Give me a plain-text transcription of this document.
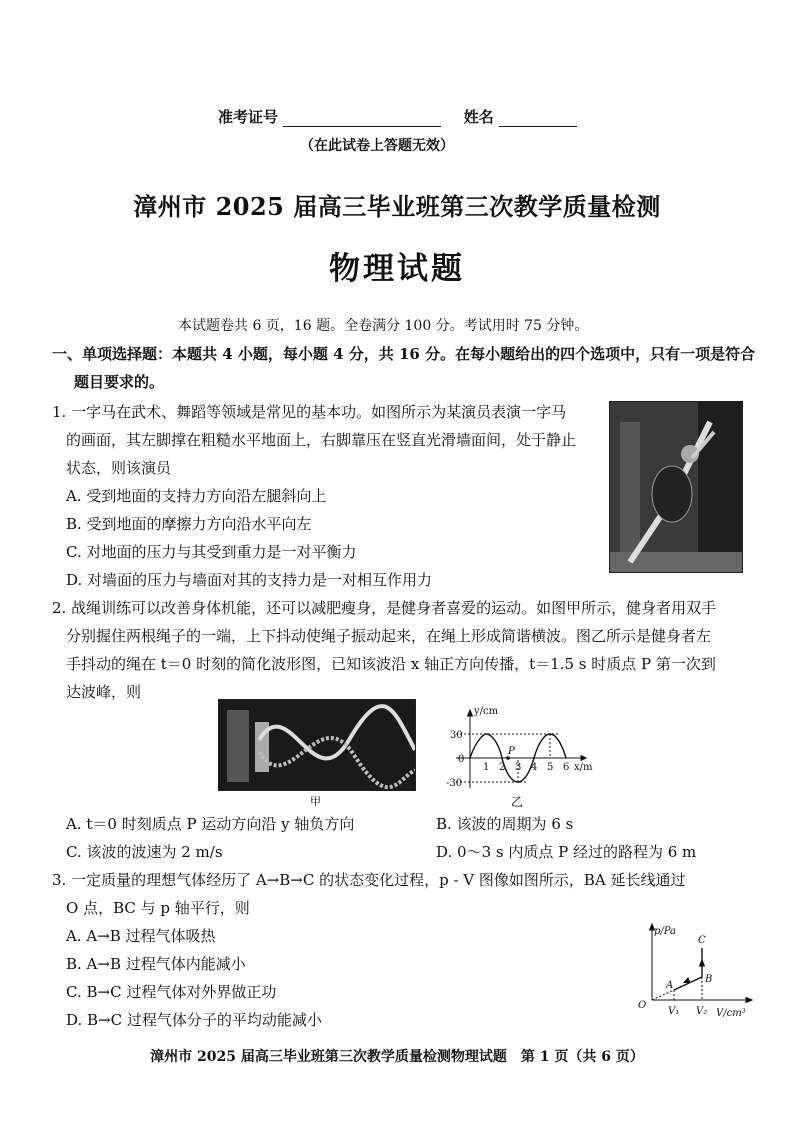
准考证号	姓名
（在此试卷上答题无效）
漳州市 2025 届高三毕业班第三次教学质量检测
物理试题
本试题卷共 6 页，16 题。全卷满分 100 分。考试用时 75 分钟。
一、单项选择题：本题共 4 小题，每小题 4 分，共 16 分。在每小题给出的四个选项中，只有一项是符合
题目要求的。
1. 一字马在武术、舞蹈等领域是常见的基本功。如图所示为某演员表演一字马
的画面，其左脚撑在粗糙水平地面上，右脚靠压在竖直光滑墙面间，处于静止
状态，则该演员
A. 受到地面的支持力方向沿左腿斜向上
B. 受到地面的摩擦力方向沿水平向左
C. 对地面的压力与其受到重力是一对平衡力
D. 对墙面的压力与墙面对其的支持力是一对相互作用力
2. 战绳训练可以改善身体机能，还可以减肥瘦身，是健身者喜爱的运动。如图甲所示，健身者用双手
分别握住两根绳子的一端，上下抖动使绳子振动起来，在绳上形成简谐横波。图乙所示是健身者左
手抖动的绳在 t＝0 时刻的简化波形图，已知该波沿 x 轴正方向传播，t＝1.5 s 时质点 P 第一次到
达波峰，则
甲
y/cm
x/m
30
-30
0
P
1 2 3 4 5 6
乙
A. t＝0 时刻质点 P 运动方向沿 y 轴负方向	B. 该波的周期为 6 s
C. 该波的波速为 2 m/s	D. 0～3 s 内质点 P 经过的路程为 6 m
3. 一定质量的理想气体经历了 A→B→C 的状态变化过程，p - V 图像如图所示，BA 延长线通过
O 点，BC 与 p 轴平行，则
A. A→B 过程气体吸热
B. A→B 过程气体内能减小
C. B→C 过程气体对外界做正功
D. B→C 过程气体分子的平均动能减小
p/Pa
V/cm³
O
A
B
C
V₁ V₂
漳州市 2025 届高三毕业班第三次教学质量检测物理试题　第 1 页（共 6 页）
